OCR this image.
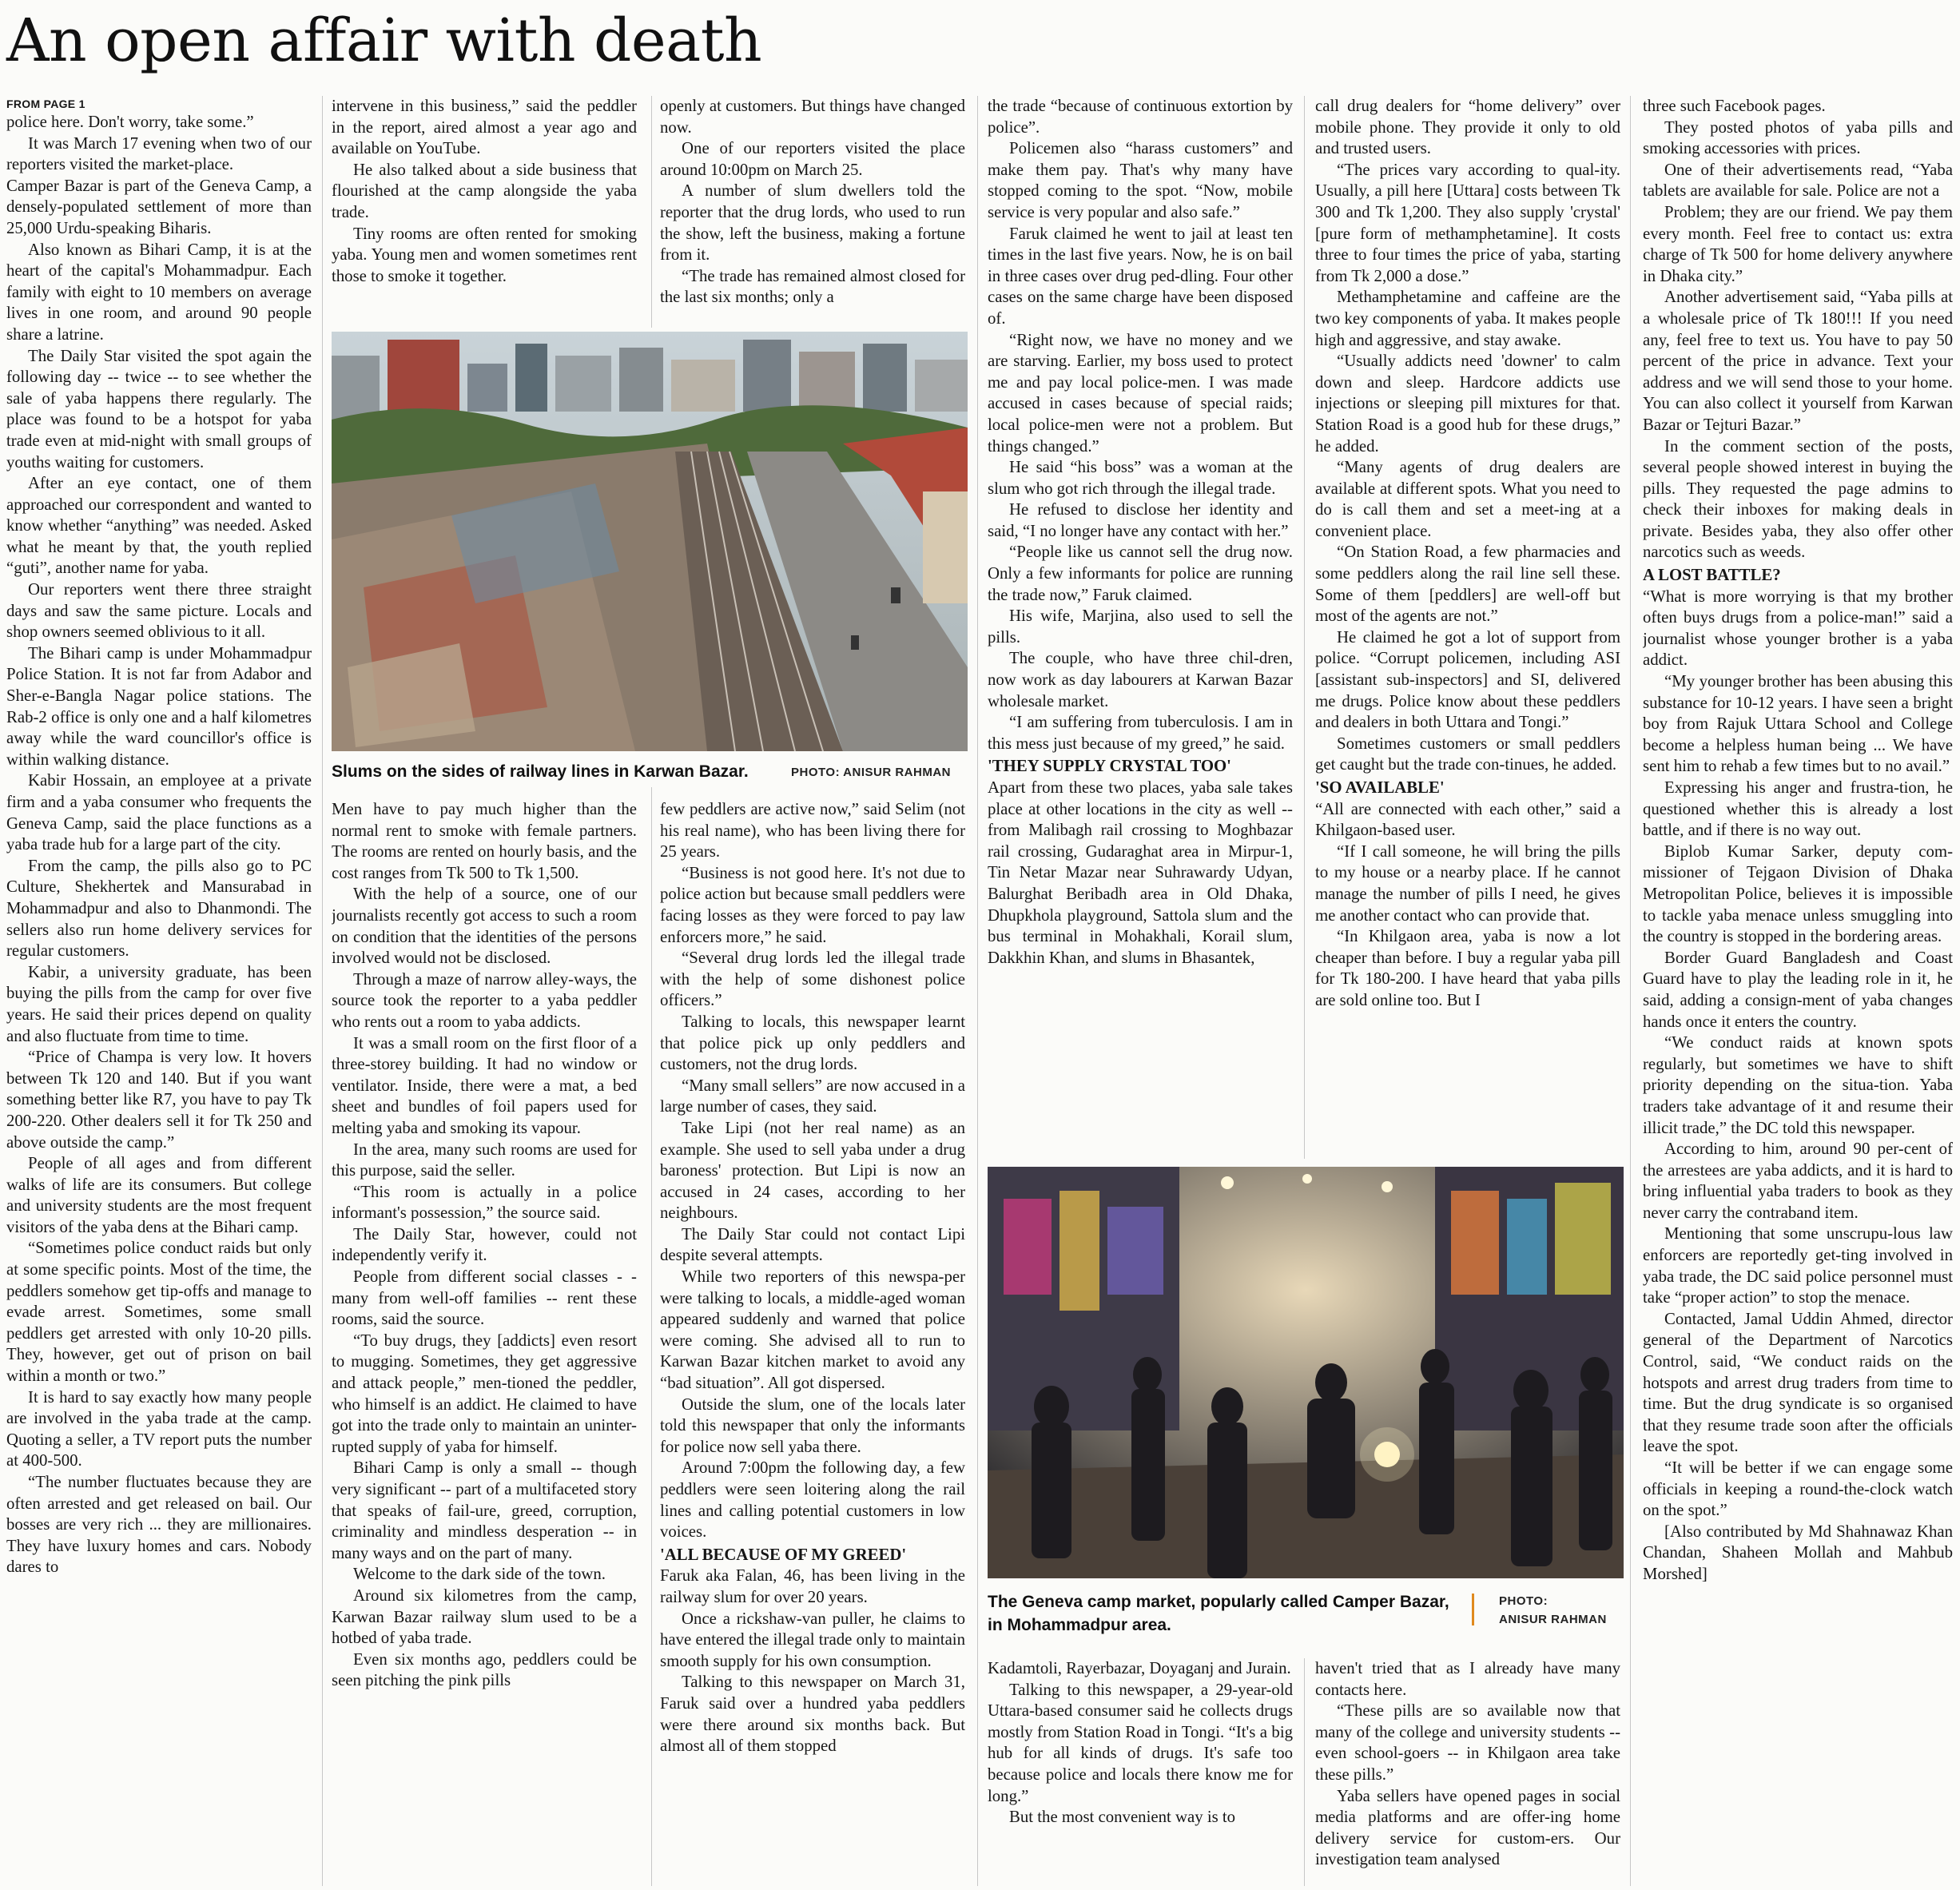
An open affair with death
FROM PAGE 1

police here. Don't worry, take some.”

It was March 17 evening when two of our reporters visited the market-place.

Camper Bazar is part of the Geneva Camp, a densely-populated settlement of more than 25,000 Urdu-speaking Biharis.

Also known as Bihari Camp, it is at the heart of the capital's Mohammadpur. Each family with eight to 10 members on average lives in one room, and around 90 people share a latrine.

The Daily Star visited the spot again the following day -- twice -- to see whether the sale of yaba happens there regularly. The place was found to be a hotspot for yaba trade even at mid-night with small groups of youths waiting for customers.

After an eye contact, one of them approached our correspondent and wanted to know whether “anything” was needed. Asked what he meant by that, the youth replied “guti”, another name for yaba.

Our reporters went there three straight days and saw the same picture. Locals and shop owners seemed oblivious to it all.

The Bihari camp is under Mohammadpur Police Station. It is not far from Adabor and Sher-e-Bangla Nagar police stations. The Rab-2 office is only one and a half kilometres away while the ward councillor's office is within walking distance.

Kabir Hossain, an employee at a private firm and a yaba consumer who frequents the Geneva Camp, said the place functions as a yaba trade hub for a large part of the city.

From the camp, the pills also go to PC Culture, Shekhertek and Mansurabad in Mohammadpur and also to Dhanmondi. The sellers also run home delivery services for regular customers.

Kabir, a university graduate, has been buying the pills from the camp for over five years. He said their prices depend on quality and also fluctuate from time to time.

“Price of Champa is very low. It hovers between Tk 120 and 140. But if you want something better like R7, you have to pay Tk 200-220. Other dealers sell it for Tk 250 and above outside the camp.”

People of all ages and from different walks of life are its consumers. But college and university students are the most frequent visitors of the yaba dens at the Bihari camp.

“Sometimes police conduct raids but only at some specific points. Most of the time, the peddlers somehow get tip-offs and manage to evade arrest. Sometimes, some small peddlers get arrested with only 10-20 pills. They, however, get out of prison on bail within a month or two.”

It is hard to say exactly how many people are involved in the yaba trade at the camp. Quoting a seller, a TV report puts the number at 400-500.

“The number fluctuates because they are often arrested and get released on bail. Our bosses are very rich ... they are millionaires. They have luxury homes and cars. Nobody dares to

intervene in this business,” said the peddler in the report, aired almost a year ago and available on YouTube.

He also talked about a side business that flourished at the camp alongside the yaba trade.

Tiny rooms are often rented for smoking yaba. Young men and women sometimes rent those to smoke it together.

openly at customers. But things have changed now.

One of our reporters visited the place around 10:00pm on March 25.

A number of slum dwellers told the reporter that the drug lords, who used to run the show, left the business, making a fortune from it.

“The trade has remained almost closed for the last six months; only a

Slums on the sides of railway lines in Karwan Bazar.	PHOTO: ANISUR RAHMAN

Men have to pay much higher than the normal rent to smoke with female partners. The rooms are rented on hourly basis, and the cost ranges from Tk 500 to Tk 1,500.

With the help of a source, one of our journalists recently got access to such a room on condition that the identities of the persons involved would not be disclosed.

Through a maze of narrow alley-ways, the source took the reporter to a yaba peddler who rents out a room to yaba addicts.

It was a small room on the first floor of a three-storey building. It had no window or ventilator. Inside, there were a mat, a bed sheet and bundles of foil papers used for melting yaba and smoking its vapour.

In the area, many such rooms are used for this purpose, said the seller.

“This room is actually in a police informant's possession,” the source said.

The Daily Star, however, could not independently verify it.

People from different social classes - - many from well-off families -- rent these rooms, said the source.

“To buy drugs, they [addicts] even resort to mugging. Sometimes, they get aggressive and attack people,” men-tioned the peddler, who himself is an addict. He claimed to have got into the trade only to maintain an uninter-rupted supply of yaba for himself.

Bihari Camp is only a small -- though very significant -- part of a multifaceted story that speaks of fail-ure, greed, corruption, criminality and mindless desperation -- in many ways and on the part of many.

Welcome to the dark side of the town.

Around six kilometres from the camp, Karwan Bazar railway slum used to be a hotbed of yaba trade.

Even six months ago, peddlers could be seen pitching the pink pills

few peddlers are active now,” said Selim (not his real name), who has been living there for 25 years.

“Business is not good here. It's not due to police action but because small peddlers were facing losses as they were forced to pay law enforcers more,” he said.

“Several drug lords led the illegal trade with the help of some dishonest police officers.”

Talking to locals, this newspaper learnt that police pick up only peddlers and customers, not the drug lords.

“Many small sellers” are now accused in a large number of cases, they said.

Take Lipi (not her real name) as an example. She used to sell yaba under a drug baroness' protection. But Lipi is now an accused in 24 cases, according to her neighbours.

The Daily Star could not contact Lipi despite several attempts.

While two reporters of this newspa-per were talking to locals, a middle-aged woman appeared suddenly and warned that police were coming. She advised all to run to Karwan Bazar kitchen market to avoid any “bad situation”. All got dispersed.

Outside the slum, one of the locals later told this newspaper that only the informants for police now sell yaba there.

Around 7:00pm the following day, a few peddlers were seen loitering along the rail lines and calling potential customers in low voices.

'ALL BECAUSE OF MY GREED'

Faruk aka Falan, 46, has been living in the railway slum for over 20 years.

Once a rickshaw-van puller, he claims to have entered the illegal trade only to maintain smooth supply for his own consumption.

Talking to this newspaper on March 31, Faruk said over a hundred yaba peddlers were there around six months back. But almost all of them stopped

the trade “because of continuous extortion by police”.

Policemen also “harass customers” and make them pay. That's why many have stopped coming to the spot. “Now, mobile service is very popular and also safe.”

Faruk claimed he went to jail at least ten times in the last five years. Now, he is on bail in three cases over drug ped-dling. Four other cases on the same charge have been disposed of.

“Right now, we have no money and we are starving. Earlier, my boss used to protect me and pay local police-men. I was made accused in cases because of special raids; local police-men were not a problem. But things changed.”

He said “his boss” was a woman at the slum who got rich through the illegal trade.

He refused to disclose her identity and said, “I no longer have any contact with her.”

“People like us cannot sell the drug now. Only a few informants for police are running the trade now,” Faruk claimed.

His wife, Marjina, also used to sell the pills.

The couple, who have three chil-dren, now work as day labourers at Karwan Bazar wholesale market.

“I am suffering from tuberculosis. I am in this mess just because of my greed,” he said.

'THEY SUPPLY CRYSTAL TOO'

Apart from these two places, yaba sale takes place at other locations in the city as well -- from Malibagh rail crossing to Moghbazar rail crossing, Gudaraghat area in Mirpur-1, Tin Netar Mazar near Suhrawardy Udyan, Balurghat Beribadh area in Old Dhaka, Dhupkhola playground, Sattola slum and the bus terminal in Mohakhali, Korail slum, Dakkhin Khan, and slums in Bhasantek,

call drug dealers for “home delivery” over mobile phone. They provide it only to old and trusted users.

“The prices vary according to qual-ity. Usually, a pill here [Uttara] costs between Tk 300 and Tk 1,200. They also supply 'crystal' [pure form of methamphetamine]. It costs three to four times the price of yaba, starting from Tk 2,000 a dose.”

Methamphetamine and caffeine are the two key components of yaba. It makes people high and aggressive, and stay awake.

“Usually addicts need 'downer' to calm down and sleep. Hardcore addicts use injections or sleeping pill mixtures for that. Station Road is a good hub for these drugs,” he added.

“Many agents of drug dealers are available at different spots. What you need to do is call them and set a meet-ing at a convenient place.

“On Station Road, a few pharmacies and some peddlers along the rail line sell these. Some of them [peddlers] are well-off but most of the agents are not.”

He claimed he got a lot of support from police. “Corrupt policemen, including ASI [assistant sub-inspectors] and SI, delivered me drugs. Police know about these peddlers and dealers in both Uttara and Tongi.”

Sometimes customers or small peddlers get caught but the trade con-tinues, he added.

'SO AVAILABLE'

“All are connected with each other,” said a Khilgaon-based user.

“If I call someone, he will bring the pills to my house or a nearby place. If he cannot manage the number of pills I need, he gives me another contact who can provide that.

“In Khilgaon area, yaba is now a lot cheaper than before. I buy a regular yaba pill for Tk 180-200. I have heard that yaba pills are sold online too. But I

The Geneva camp market, popularly called Camper Bazar, in Mohammadpur area.
PHOTO:
ANISUR RAHMAN

Kadamtoli, Rayerbazar, Doyaganj and Jurain.

Talking to this newspaper, a 29-year-old Uttara-based consumer said he collects drugs mostly from Station Road in Tongi. “It's a big hub for all kinds of drugs. It's safe too because police and locals there know me for long.”

But the most convenient way is to

haven't tried that as I already have many contacts here.

“These pills are so available now that many of the college and university students -- even school-goers -- in Khilgaon area take these pills.”

Yaba sellers have opened pages in social media platforms and are offer-ing home delivery service for custom-ers. Our investigation team analysed

three such Facebook pages.

They posted photos of yaba pills and smoking accessories with prices.

One of their advertisements read, “Yaba tablets are available for sale. Police are not a

Problem; they are our friend. We pay them every month. Feel free to contact us: extra charge of Tk 500 for home delivery anywhere in Dhaka city.”

Another advertisement said, “Yaba pills at a wholesale price of Tk 180!!! If you need any, feel free to text us. You have to pay 50 percent of the price in advance. Text your address and we will send those to your home. You can also collect it yourself from Karwan Bazar or Tejturi Bazar.”

In the comment section of the posts, several people showed interest in buying the pills. They requested the page admins to check their inboxes for making deals in private. Besides yaba, they also offer other narcotics such as weeds.

A LOST BATTLE?

“What is more worrying is that my brother often buys drugs from a police-man!” said a journalist whose younger brother is a yaba addict.

“My younger brother has been abusing this substance for 10-12 years. I have seen a bright boy from Rajuk Uttara School and College become a helpless human being ... We have sent him to rehab a few times but to no avail.”

Expressing his anger and frustra-tion, he questioned whether this is already a lost battle, and if there is no way out.

Biplob Kumar Sarker, deputy com-missioner of Tejgaon Division of Dhaka Metropolitan Police, believes it is impossible to tackle yaba menace unless smuggling into the country is stopped in the bordering areas.

Border Guard Bangladesh and Coast Guard have to play the leading role in it, he said, adding a consign-ment of yaba changes hands once it enters the country.

“We conduct raids at known spots regularly, but sometimes we have to shift priority depending on the situa-tion. Yaba traders take advantage of it and resume their illicit trade,” the DC told this newspaper.

According to him, around 90 per-cent of the arrestees are yaba addicts, and it is hard to bring influential yaba traders to book as they never carry the contraband item.

Mentioning that some unscrupu-lous law enforcers are reportedly get-ting involved in yaba trade, the DC said police personnel must take “proper action” to stop the menace.

Contacted, Jamal Uddin Ahmed, director general of the Department of Narcotics Control, said, “We conduct raids on the hotspots and arrest drug traders from time to time. But the drug syndicate is so organised that they resume trade soon after the officials leave the spot.

“It will be better if we can engage some officials in keeping a round-the-clock watch on the spot.”

[Also contributed by Md Shahnawaz Khan Chandan, Shaheen Mollah and Mahbub Morshed]
